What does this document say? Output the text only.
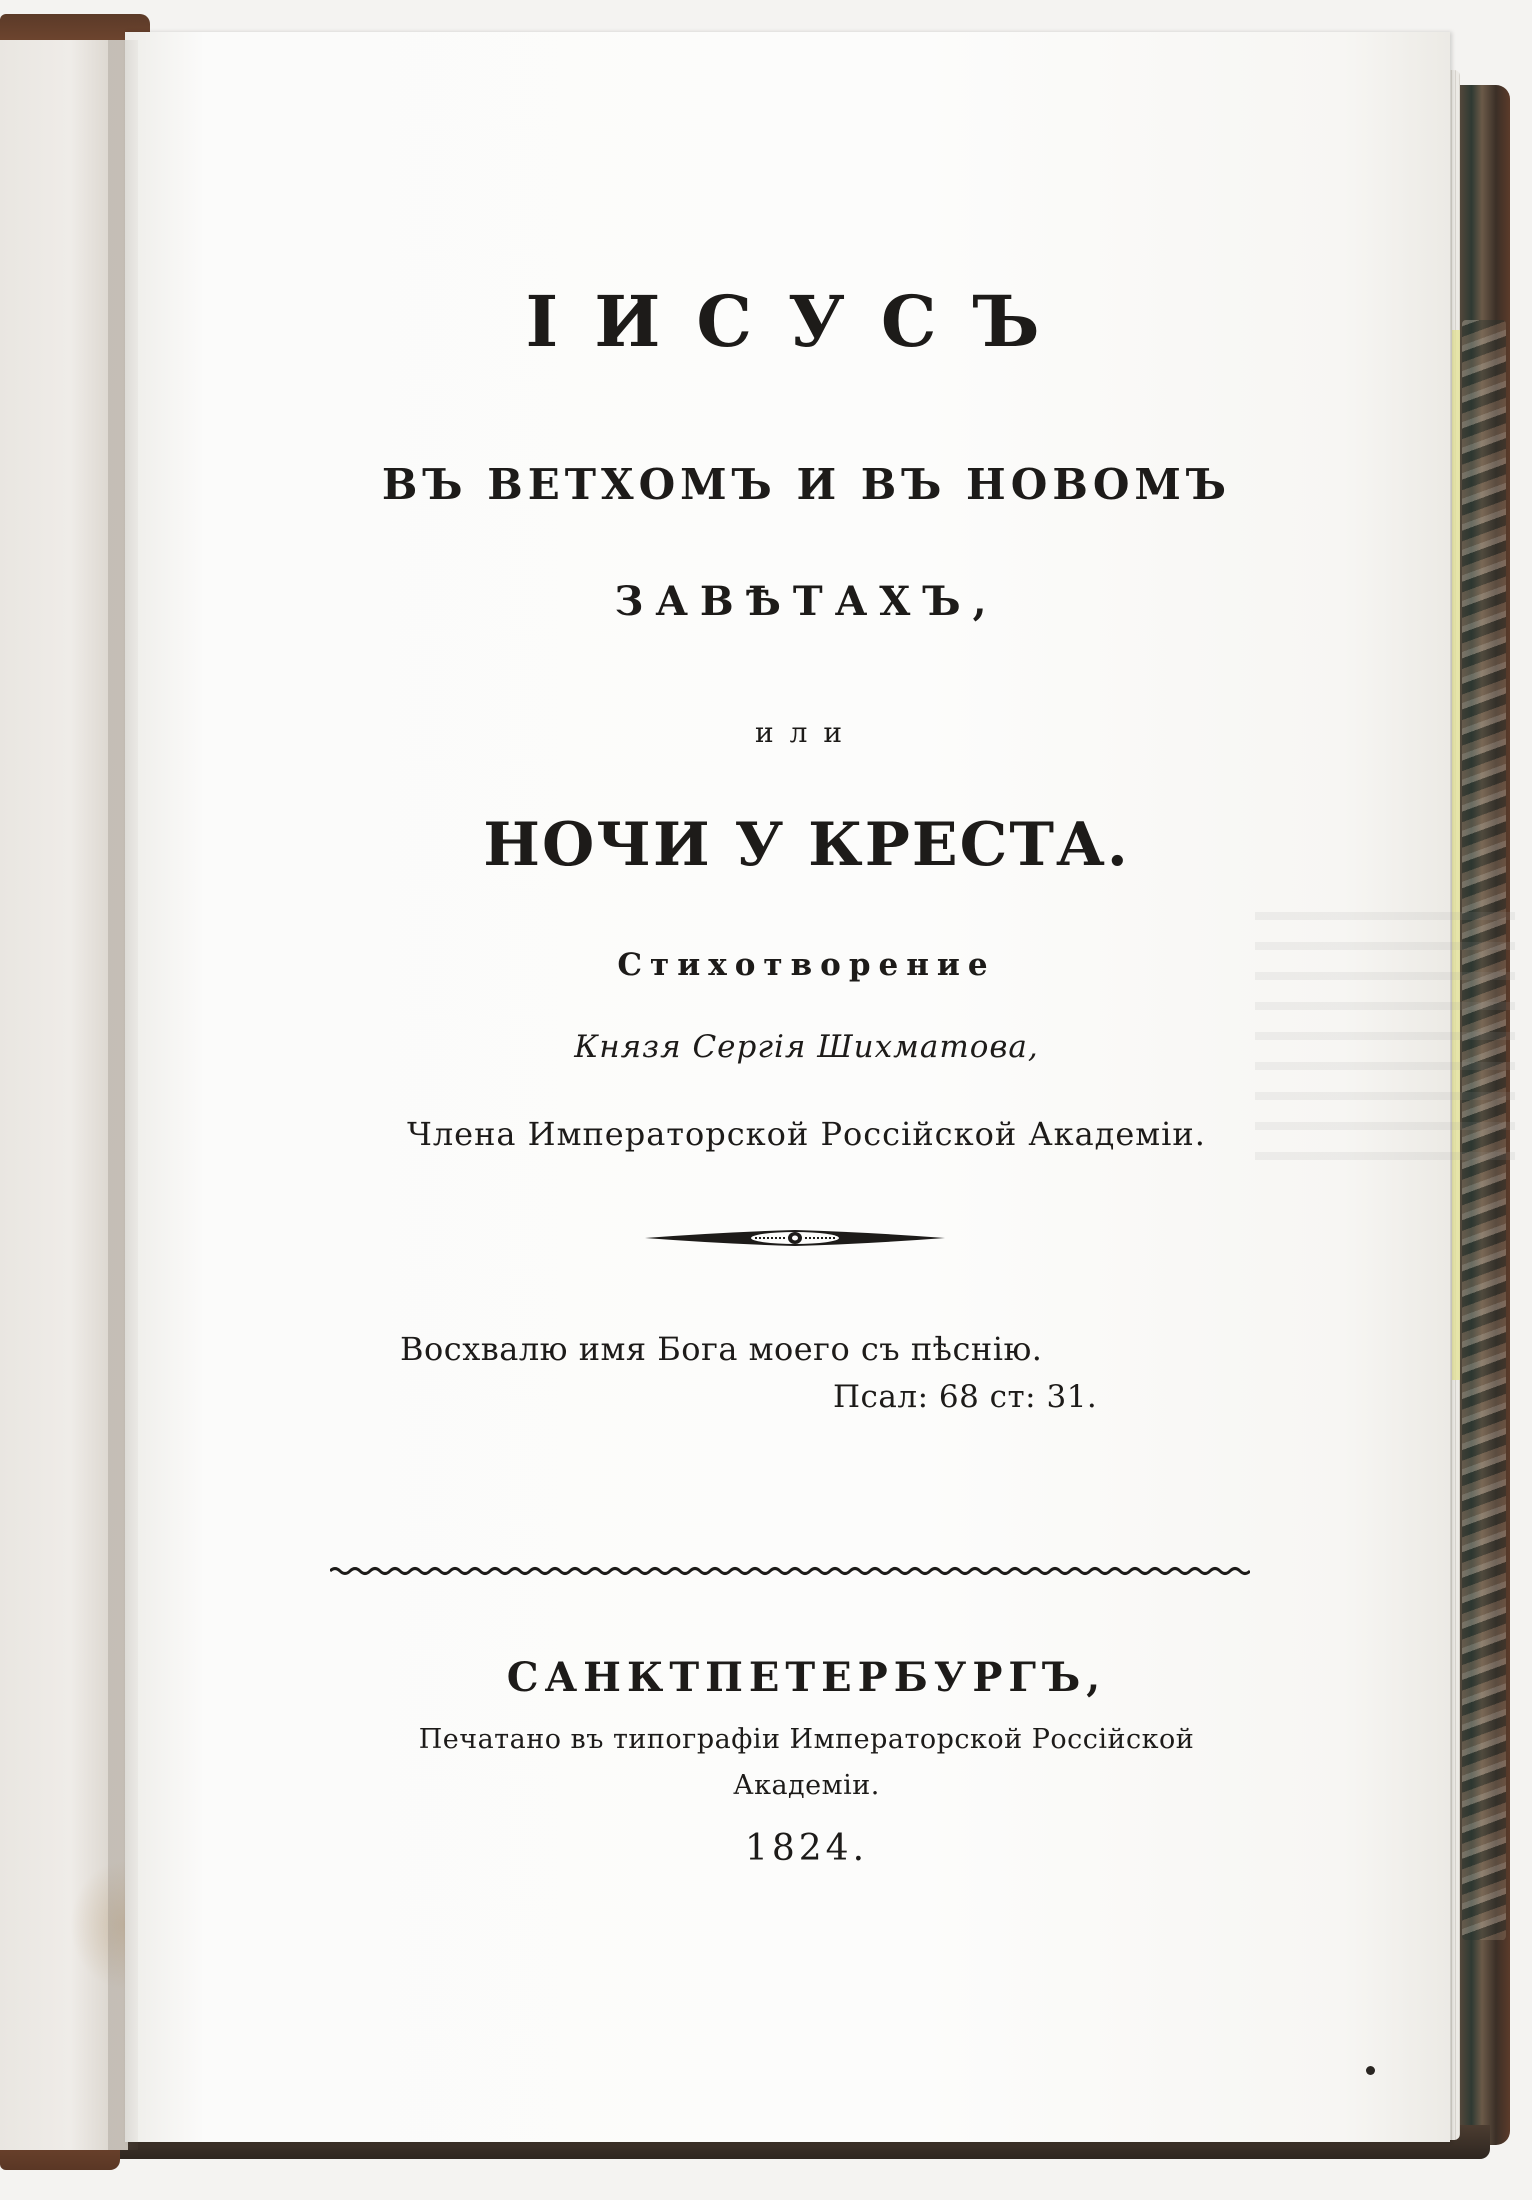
ІИСУСЪ
ВЪ ВЕТХОМЪ И ВЪ НОВОМЪ
ЗАВѢТАХЪ,
или
НОЧИ У КРЕСТА.
Стихотворение
Князя Сергія Шихматова,
Члена Императорской Россійской Академіи.
Восхвалю имя Бога моего съ пѣснію.
Псал: 68 ст: 31.
САНКТПЕТЕРБУРГЪ,
Печатано въ типографіи Императорской Россійской
Академіи.
1824.
